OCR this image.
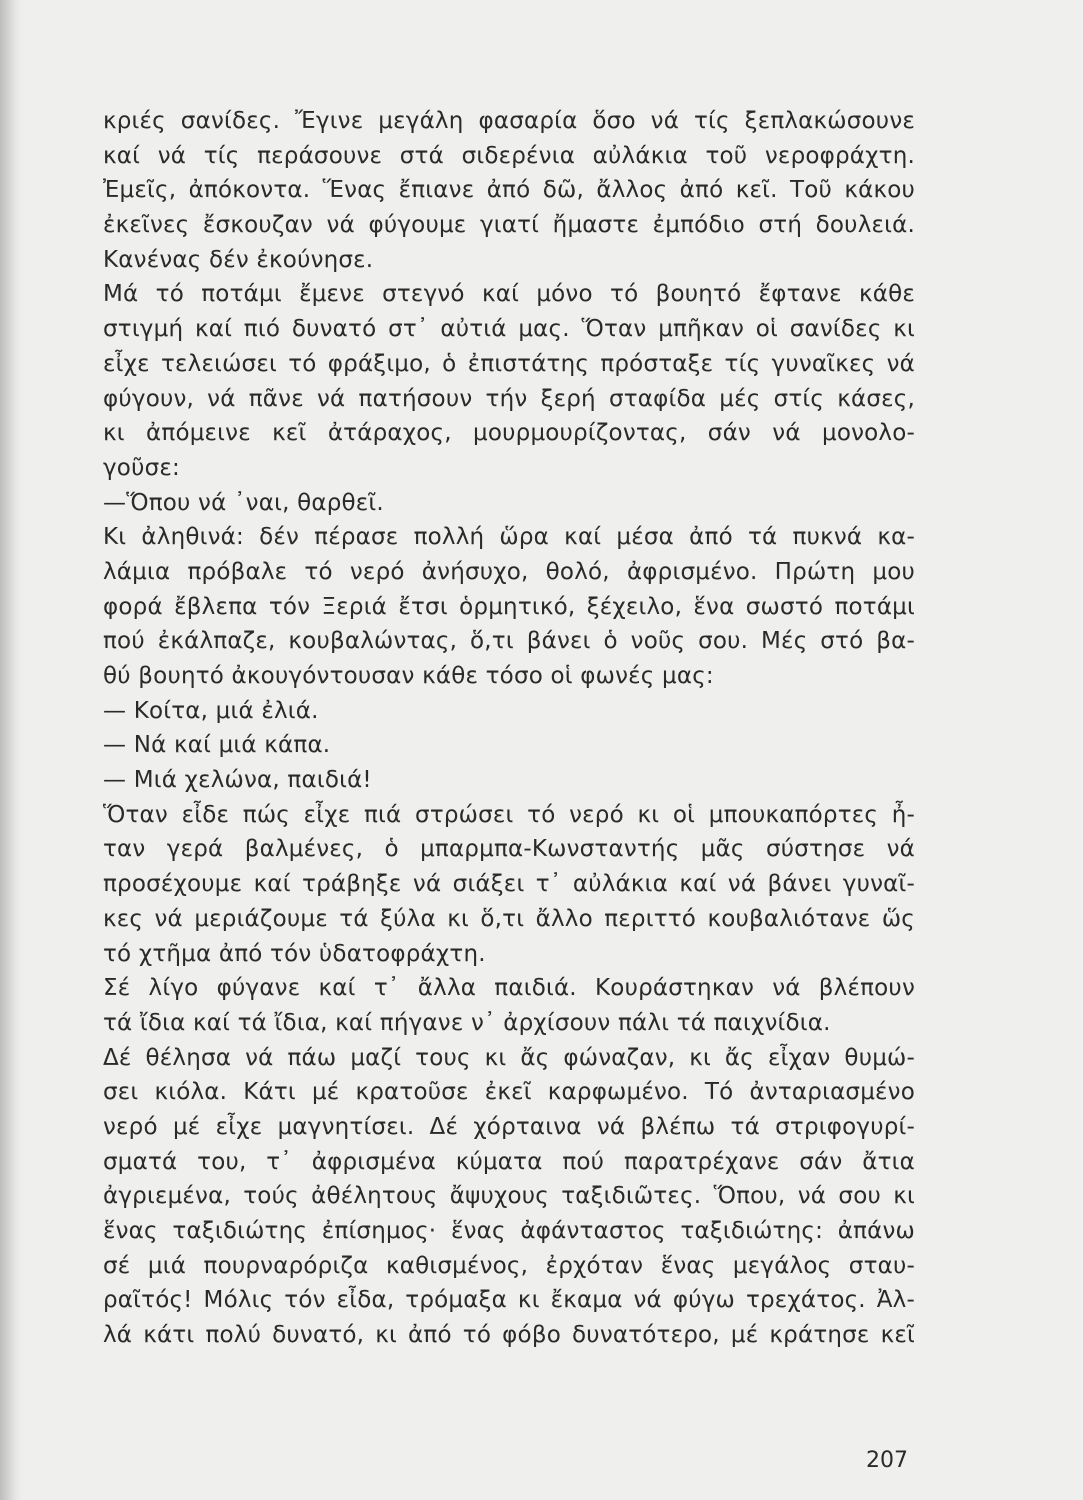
κριές σανίδες. Ἔγινε μεγάλη φασαρία ὅσο νά τίς ξεπλακώσουνε
καί νά τίς περάσουνε στά σιδερένια αὐλάκια τοῦ νεροφράχτη.
Ἐμεῖς, ἀπόκοντα. Ἕνας ἔπιανε ἀπό δῶ, ἄλλος ἀπό κεῖ. Τοῦ κάκου
ἐκεῖνες ἔσκουζαν νά φύγουμε γιατί ἤμαστε ἐμπόδιο στή δουλειά.
Κανένας δέν ἐκούνησε.
Μά τό ποτάμι ἔμενε στεγνό καί μόνο τό βουητό ἔφτανε κάθε
στιγμή καί πιό δυνατό στ᾿ αὐτιά μας. Ὅταν μπῆκαν οἱ σανίδες κι
εἶχε τελειώσει τό φράξιμο, ὁ ἐπιστάτης πρόσταξε τίς γυναῖκες νά
φύγουν, νά πᾶνε νά πατήσουν τήν ξερή σταφίδα μές στίς κάσες,
κι ἀπόμεινε κεῖ ἀτάραχος, μουρμουρίζοντας, σάν νά μονολο-
γοῦσε:
—Ὅπου νά ᾿ναι, θαρθεῖ.
Κι ἀληθινά: δέν πέρασε πολλή ὥρα καί μέσα ἀπό τά πυκνά κα-
λάμια πρόβαλε τό νερό ἀνήσυχο, θολό, ἀφρισμένο. Πρώτη μου
φορά ἔβλεπα τόν Ξεριά ἔτσι ὁρμητικό, ξέχειλο, ἕνα σωστό ποτάμι
πού ἐκάλπαζε, κουβαλώντας, ὅ,τι βάνει ὁ νοῦς σου. Μές στό βα-
θύ βουητό ἀκουγόντουσαν κάθε τόσο οἱ φωνές μας:
— Κοίτα, μιά ἐλιά.
— Νά καί μιά κάπα.
— Μιά χελώνα, παιδιά!
Ὅταν εἶδε πώς εἶχε πιά στρώσει τό νερό κι οἱ μπουκαπόρτες ἦ-
ταν γερά βαλμένες, ὁ μπαρμπα-Κωνσταντής μᾶς σύστησε νά
προσέχουμε καί τράβηξε νά σιάξει τ᾿ αὐλάκια καί νά βάνει γυναῖ-
κες νά μεριάζουμε τά ξύλα κι ὅ,τι ἄλλο περιττό κουβαλιότανε ὥς
τό χτῆμα ἀπό τόν ὑδατοφράχτη.
Σέ λίγο φύγανε καί τ᾿ ἄλλα παιδιά. Κουράστηκαν νά βλέπουν
τά ἴδια καί τά ἴδια, καί πήγανε ν᾿ ἀρχίσουν πάλι τά παιχνίδια.
Δέ θέλησα νά πάω μαζί τους κι ἄς φώναζαν, κι ἄς εἶχαν θυμώ-
σει κιόλα. Κάτι μέ κρατοῦσε ἐκεῖ καρφωμένο. Τό ἀνταριασμένο
νερό μέ εἶχε μαγνητίσει. Δέ χόρταινα νά βλέπω τά στριφογυρί-
σματά του, τ᾿ ἀφρισμένα κύματα πού παρατρέχανε σάν ἄτια
ἀγριεμένα, τούς ἀθέλητους ἄψυχους ταξιδιῶτες. Ὅπου, νά σου κι
ἕνας ταξιδιώτης ἐπίσημος· ἕνας ἀφάνταστος ταξιδιώτης: ἀπάνω
σέ μιά πουρναρόριζα καθισμένος, ἐρχόταν ἕνας μεγάλος σταυ-
ραῖτός! Μόλις τόν εἶδα, τρόμαξα κι ἔκαμα νά φύγω τρεχάτος. Ἀλ-
λά κάτι πολύ δυνατό, κι ἀπό τό φόβο δυνατότερο, μέ κράτησε κεῖ
207
